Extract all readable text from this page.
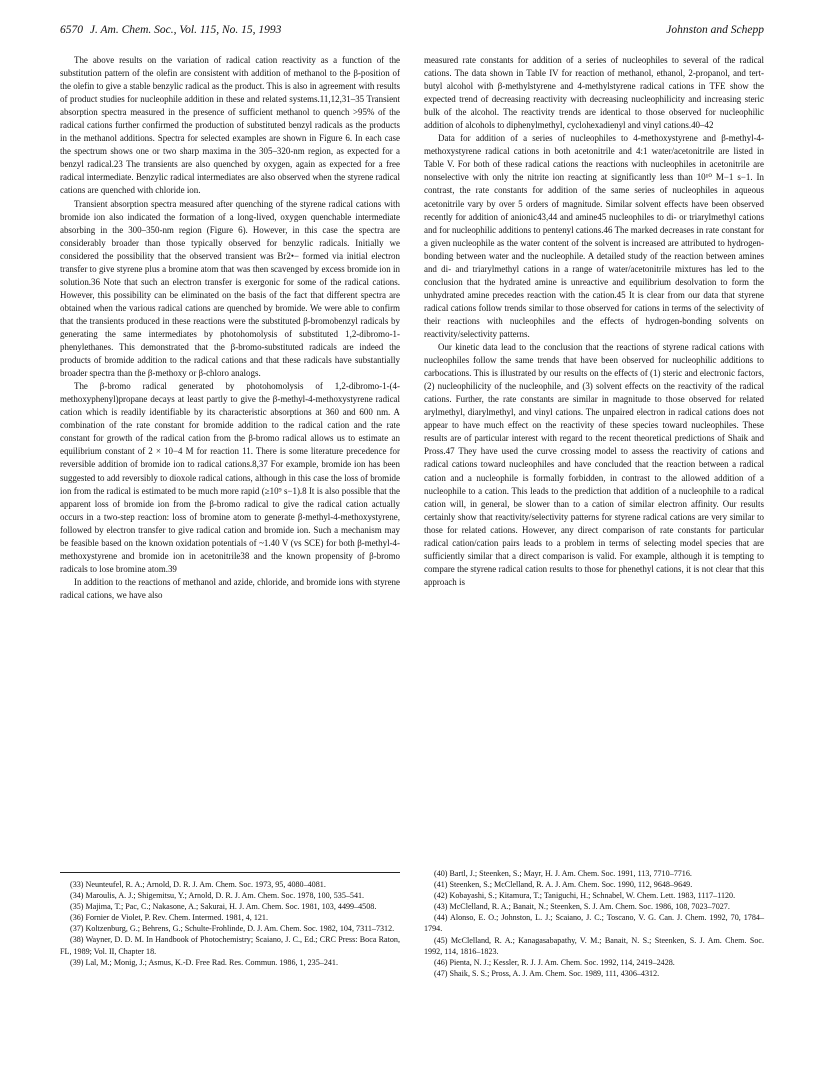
6570 J. Am. Chem. Soc., Vol. 115, No. 15, 1993	Johnston and Schepp

The above results on the variation of radical cation reactivity as a function of the substitution pattern of the olefin are consistent with addition of methanol to the β-position of the olefin to give a stable benzylic radical as the product. This is also in agreement with results of product studies for nucleophile addition in these and related systems.11,12,31–35 Transient absorption spectra measured in the presence of sufficient methanol to quench >95% of the radical cations further confirmed the production of substituted benzyl radicals as the products in the methanol additions. Spectra for selected examples are shown in Figure 6. In each case the spectrum shows one or two sharp maxima in the 305–320-nm region, as expected for a benzyl radical.23 The transients are also quenched by oxygen, again as expected for a free radical intermediate. Benzylic radical intermediates are also observed when the styrene radical cations are quenched with chloride ion.

Transient absorption spectra measured after quenching of the styrene radical cations with bromide ion also indicated the formation of a long-lived, oxygen quenchable intermediate absorbing in the 300–350-nm region (Figure 6). However, in this case the spectra are considerably broader than those typically observed for benzylic radicals. Initially we considered the possibility that the observed transient was Br2•− formed via initial electron transfer to give styrene plus a bromine atom that was then scavenged by excess bromide ion in solution.36 Note that such an electron transfer is exergonic for some of the radical cations. However, this possibility can be eliminated on the basis of the fact that different spectra are obtained when the various radical cations are quenched by bromide. We were able to confirm that the transients produced in these reactions were the substituted β-bromobenzyl radicals by generating the same intermediates by photohomolysis of substituted 1,2-dibromo-1-phenylethanes. This demonstrated that the β-bromo-substituted radicals are indeed the products of bromide addition to the radical cations and that these radicals have substantially broader spectra than the β-methoxy or β-chloro analogs.

The β-bromo radical generated by photohomolysis of 1,2-dibromo-1-(4-methoxyphenyl)propane decays at least partly to give the β-methyl-4-methoxystyrene radical cation which is readily identifiable by its characteristic absorptions at 360 and 600 nm. A combination of the rate constant for bromide addition to the radical cation and the rate constant for growth of the radical cation from the β-bromo radical allows us to estimate an equilibrium constant of 2 × 10−4 M for reaction 11. There is some literature precedence for reversible addition of bromide ion to radical cations.8,37 For example, bromide ion has been suggested to add reversibly to dioxole radical cations, although in this case the loss of bromide ion from the radical is estimated to be much more rapid (≥10⁹ s−1).8 It is also possible that the apparent loss of bromide ion from the β-bromo radical to give the radical cation actually occurs in a two-step reaction: loss of bromine atom to generate β-methyl-4-methoxystyrene, followed by electron transfer to give radical cation and bromide ion. Such a mechanism may be feasible based on the known oxidation potentials of ~1.40 V (vs SCE) for both β-methyl-4-methoxystyrene and bromide ion in acetonitrile38 and the known propensity of β-bromo radicals to lose bromine atom.39

In addition to the reactions of methanol and azide, chloride, and bromide ions with styrene radical cations, we have also

measured rate constants for addition of a series of nucleophiles to several of the radical cations. The data shown in Table IV for reaction of methanol, ethanol, 2-propanol, and tert-butyl alcohol with β-methylstyrene and 4-methylstyrene radical cations in TFE show the expected trend of decreasing reactivity with decreasing nucleophilicity and increasing steric bulk of the alcohol. The reactivity trends are identical to those observed for nucleophilic addition of alcohols to diphenylmethyl, cyclohexadienyl and vinyl cations.40–42

Data for addition of a series of nucleophiles to 4-methoxystyrene and β-methyl-4-methoxystyrene radical cations in both acetonitrile and 4:1 water/acetonitrile are listed in Table V. For both of these radical cations the reactions with nucleophiles in acetonitrile are nonselective with only the nitrite ion reacting at significantly less than 10¹⁰ M−1 s−1. In contrast, the rate constants for addition of the same series of nucleophiles in aqueous acetonitrile vary by over 5 orders of magnitude. Similar solvent effects have been observed recently for addition of anionic43,44 and amine45 nucleophiles to di- or triarylmethyl cations and for nucleophilic additions to pentenyl cations.46 The marked decreases in rate constant for a given nucleophile as the water content of the solvent is increased are attributed to hydrogen-bonding between water and the nucleophile. A detailed study of the reaction between amines and di- and triarylmethyl cations in a range of water/acetonitrile mixtures has led to the conclusion that the hydrated amine is unreactive and equilibrium desolvation to form the unhydrated amine precedes reaction with the cation.45 It is clear from our data that styrene radical cations follow trends similar to those observed for cations in terms of the selectivity of their reactions with nucleophiles and the effects of hydrogen-bonding solvents on reactivity/selectivity patterns.

Our kinetic data lead to the conclusion that the reactions of styrene radical cations with nucleophiles follow the same trends that have been observed for nucleophilic additions to carbocations. This is illustrated by our results on the effects of (1) steric and electronic factors, (2) nucleophilicity of the nucleophile, and (3) solvent effects on the reactivity of the radical cations. Further, the rate constants are similar in magnitude to those observed for related arylmethyl, diarylmethyl, and vinyl cations. The unpaired electron in radical cations does not appear to have much effect on the reactivity of these species toward nucleophiles. These results are of particular interest with regard to the recent theoretical predictions of Shaik and Pross.47 They have used the curve crossing model to assess the reactivity of cations and radical cations toward nucleophiles and have concluded that the reaction between a radical cation and a nucleophile is formally forbidden, in contrast to the allowed addition of a nucleophile to a cation. This leads to the prediction that addition of a nucleophile to a radical cation will, in general, be slower than to a cation of similar electron affinity. Our results certainly show that reactivity/selectivity patterns for styrene radical cations are very similar to those for related cations. However, any direct comparison of rate constants for particular radical cation/cation pairs leads to a problem in terms of selecting model species that are sufficiently similar that a direct comparison is valid. For example, although it is tempting to compare the styrene radical cation results to those for phenethyl cations, it is not clear that this approach is

(33) Neunteufel, R. A.; Arnold, D. R. J. Am. Chem. Soc. 1973, 95, 4080–4081.

(34) Maroulis, A. J.; Shigemitsu, Y.; Arnold, D. R. J. Am. Chem. Soc. 1978, 100, 535–541.

(35) Majima, T.; Pac, C.; Nakasone, A.; Sakurai, H. J. Am. Chem. Soc. 1981, 103, 4499–4508.

(36) Fornier de Violet, P. Rev. Chem. Intermed. 1981, 4, 121.

(37) Koltzenburg, G.; Behrens, G.; Schulte-Frohlinde, D. J. Am. Chem. Soc. 1982, 104, 7311–7312.

(38) Wayner, D. D. M. In Handbook of Photochemistry; Scaiano, J. C., Ed.; CRC Press: Boca Raton, FL, 1989; Vol. II, Chapter 18.

(39) Lal, M.; Monig, J.; Asmus, K.-D. Free Rad. Res. Commun. 1986, 1, 235–241.

(40) Bartl, J.; Steenken, S.; Mayr, H. J. Am. Chem. Soc. 1991, 113, 7710–7716.

(41) Steenken, S.; McClelland, R. A. J. Am. Chem. Soc. 1990, 112, 9648–9649.

(42) Kobayashi, S.; Kitamura, T.; Taniguchi, H.; Schnabel, W. Chem. Lett. 1983, 1117–1120.

(43) McClelland, R. A.; Banait, N.; Steenken, S. J. Am. Chem. Soc. 1986, 108, 7023–7027.

(44) Alonso, E. O.; Johnston, L. J.; Scaiano, J. C.; Toscano, V. G. Can. J. Chem. 1992, 70, 1784–1794.

(45) McClelland, R. A.; Kanagasabapathy, V. M.; Banait, N. S.; Steenken, S. J. Am. Chem. Soc. 1992, 114, 1816–1823.

(46) Pienta, N. J.; Kessler, R. J. J. Am. Chem. Soc. 1992, 114, 2419–2428.

(47) Shaik, S. S.; Pross, A. J. Am. Chem. Soc. 1989, 111, 4306–4312.
